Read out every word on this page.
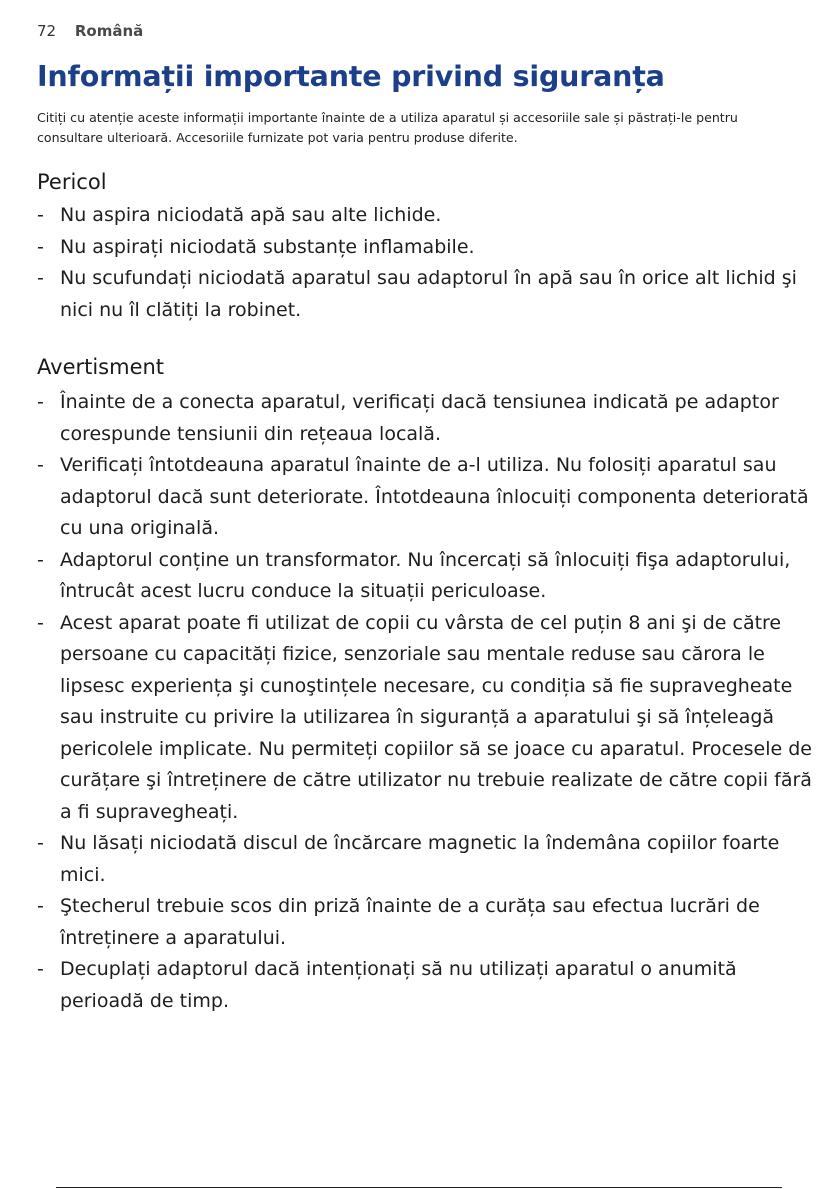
72 Română
Informații importante privind siguranța

Citiți cu atenție aceste informații importante înainte de a utiliza aparatul și accesoriile sale și păstrați-le pentru consultare ulterioară. Accesoriile furnizate pot varia pentru produse diferite.

Pericol
- Nu aspira niciodată apă sau alte lichide.
- Nu aspirați niciodată substanțe inflamabile.
- Nu scufundați niciodată aparatul sau adaptorul în apă sau în orice alt lichid şi nici nu îl clătiți la robinet.
Avertisment
- Înainte de a conecta aparatul, verificați dacă tensiunea indicată pe adaptor corespunde tensiunii din rețeaua locală.
- Verificați întotdeauna aparatul înainte de a-l utiliza. Nu folosiți aparatul sau adaptorul dacă sunt deteriorate. Întotdeauna înlocuiți componenta deteriorată cu una originală.
- Adaptorul conține un transformator. Nu încercați să înlocuiți fişa adaptorului, întrucât acest lucru conduce la situații periculoase.
- Acest aparat poate fi utilizat de copii cu vârsta de cel puțin 8 ani şi de către persoane cu capacități fizice, senzoriale sau mentale reduse sau cărora le lipsesc experiența şi cunoştințele necesare, cu condiția să fie supravegheate sau instruite cu privire la utilizarea în siguranță a aparatului şi să înțeleagă pericolele implicate. Nu permiteți copiilor să se joace cu aparatul. Procesele de curățare şi întreținere de către utilizator nu trebuie realizate de către copii fără a fi supravegheați.
- Nu lăsați niciodată discul de încărcare magnetic la îndemâna copiilor foarte mici.
- Ştecherul trebuie scos din priză înainte de a curăța sau efectua lucrări de întreținere a aparatului.
- Decuplați adaptorul dacă intenționați să nu utilizați aparatul o anumită perioadă de timp.
